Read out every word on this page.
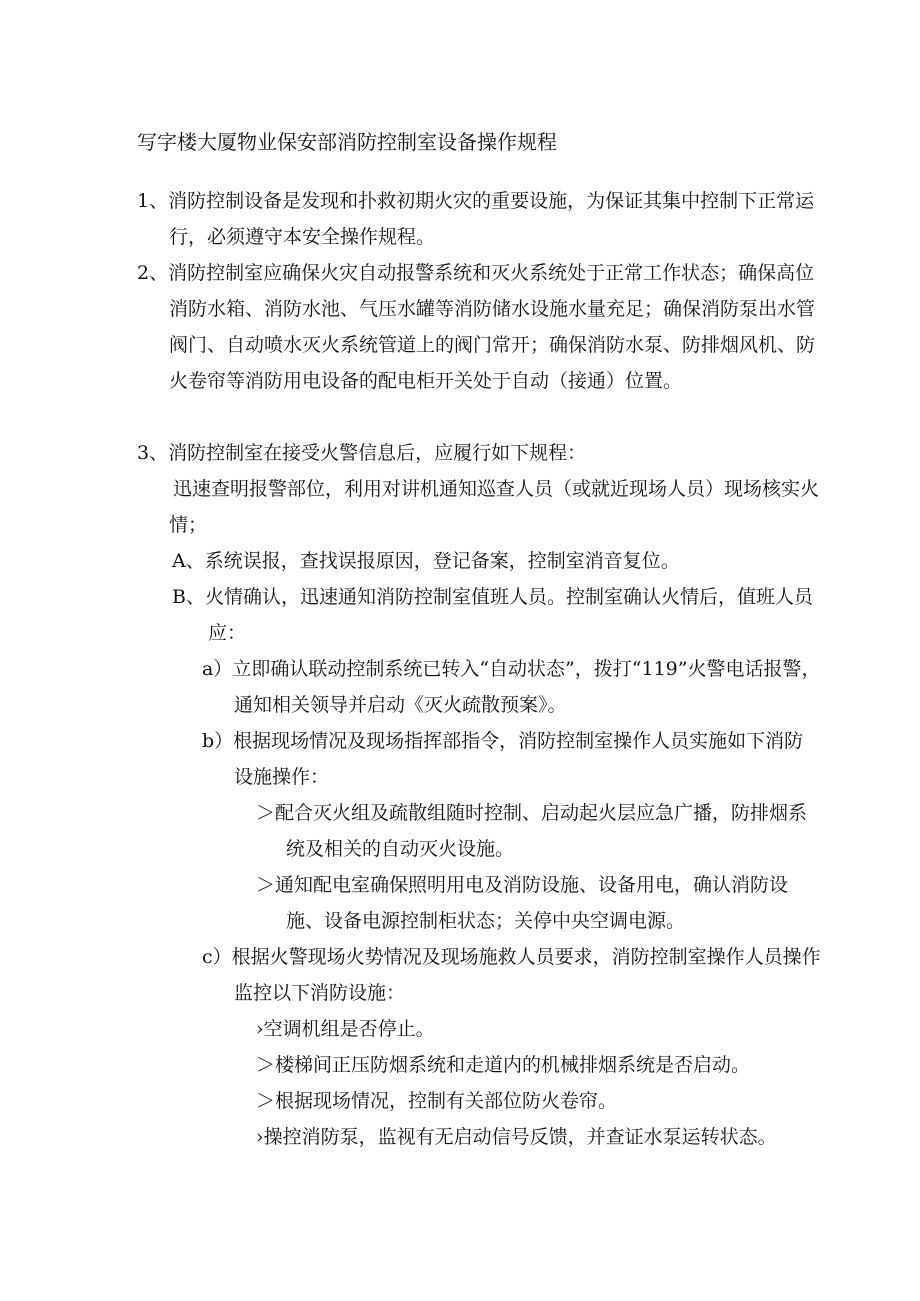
写字楼大厦物业保安部消防控制室设备操作规程
1、消防控制设备是发现和扑救初期火灾的重要设施，为保证其集中控制下正常运行，必须遵守本安全操作规程。
2、消防控制室应确保火灾自动报警系统和灭火系统处于正常工作状态；确保高位消防水箱、消防水池、气压水罐等消防储水设施水量充足；确保消防泵出水管阀门、自动喷水灭火系统管道上的阀门常开；确保消防水泵、防排烟风机、防火卷帘等消防用电设备的配电柜开关处于自动（接通）位置。
3、消防控制室在接受火警信息后，应履行如下规程：
迅速查明报警部位，利用对讲机通知巡查人员（或就近现场人员）现场核实火情；
A、系统误报，查找误报原因，登记备案，控制室消音复位。
B、火情确认，迅速通知消防控制室值班人员。控制室确认火情后，值班人员应：
a）立即确认联动控制系统已转入“自动状态”，拨打“119”火警电话报警，通知相关领导并启动《灭火疏散预案》。
b）根据现场情况及现场指挥部指令，消防控制室操作人员实施如下消防设施操作：
＞配合灭火组及疏散组随时控制、启动起火层应急广播，防排烟系统及相关的自动灭火设施。
＞通知配电室确保照明用电及消防设施、设备用电，确认消防设施、设备电源控制柜状态；关停中央空调电源。
c）根据火警现场火势情况及现场施救人员要求，消防控制室操作人员操作监控以下消防设施：
›空调机组是否停止。
＞楼梯间正压防烟系统和走道内的机械排烟系统是否启动。
＞根据现场情况，控制有关部位防火卷帘。
›操控消防泵，监视有无启动信号反馈，并查证水泵运转状态。
